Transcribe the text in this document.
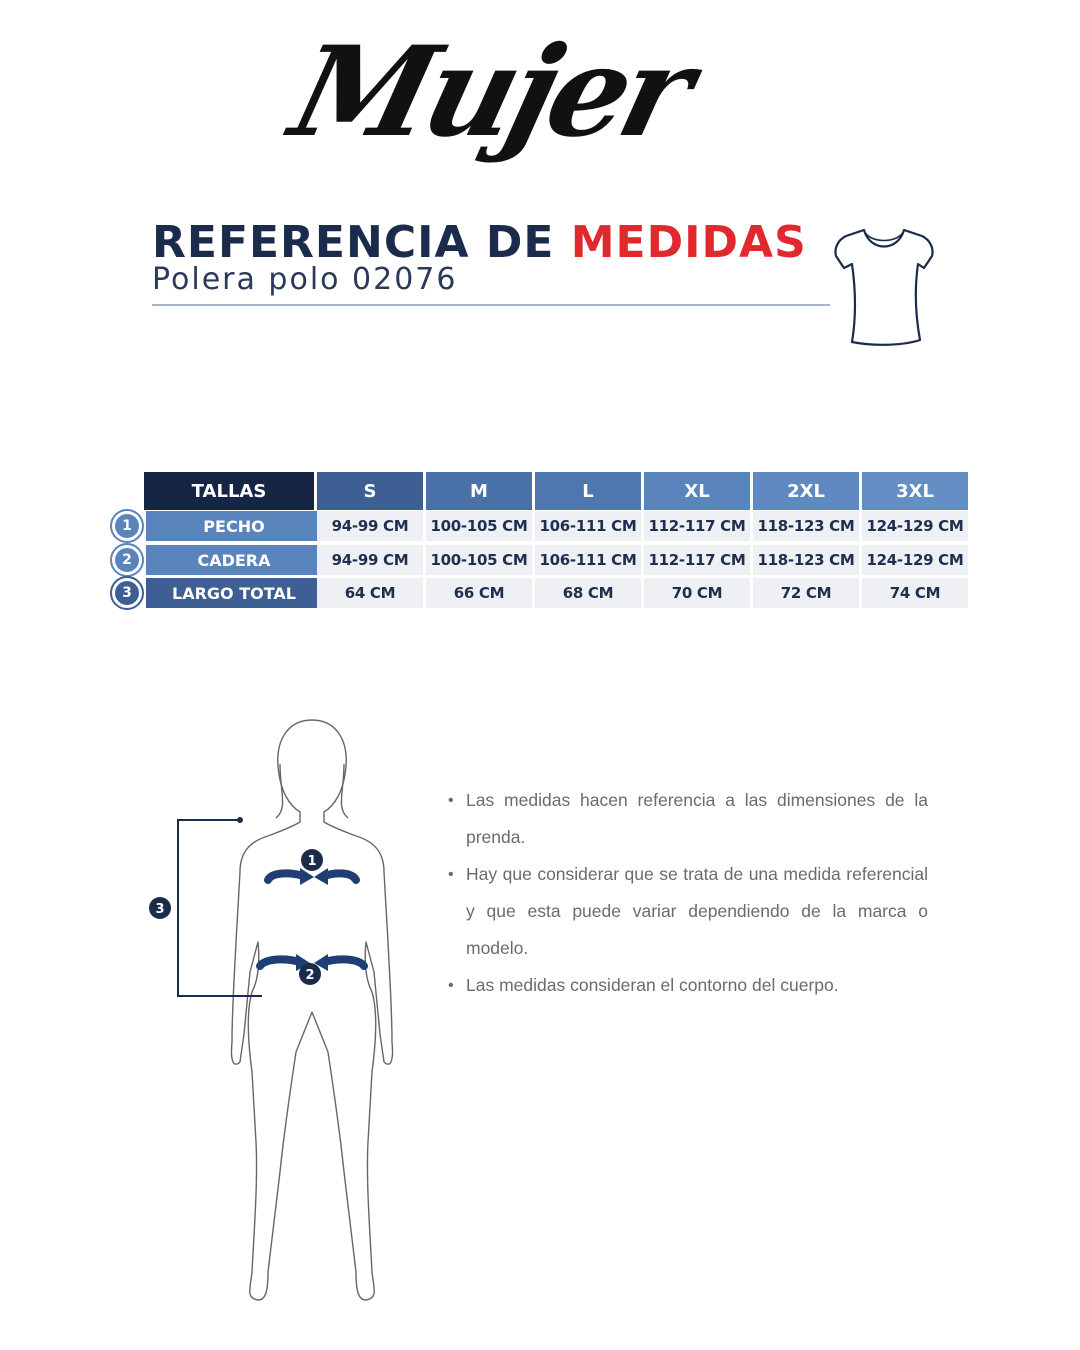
Mujer
REFERENCIA DE MEDIDAS
Polera polo 02076
TALLAS	S	M	L	XL	2XL	3XL
1	PECHO	94-99 CM	100-105 CM 106-111 CM 112-117 CM 118-123 CM 124-129 CM
2	CADERA	94-99 CM	100-105 CM 106-111 CM 112-117 CM 118-123 CM 124-129 CM
3	LARGO TOTAL	64 CM	66 CM	68 CM	70 CM	72 CM	74 CM
3
1
2
• Las medidas hacen referencia a las dimensiones de la prenda.
• Hay que considerar que se trata de una medida referencial y que esta puede variar dependiendo de la marca o modelo.
• Las medidas consideran el contorno del cuerpo.
